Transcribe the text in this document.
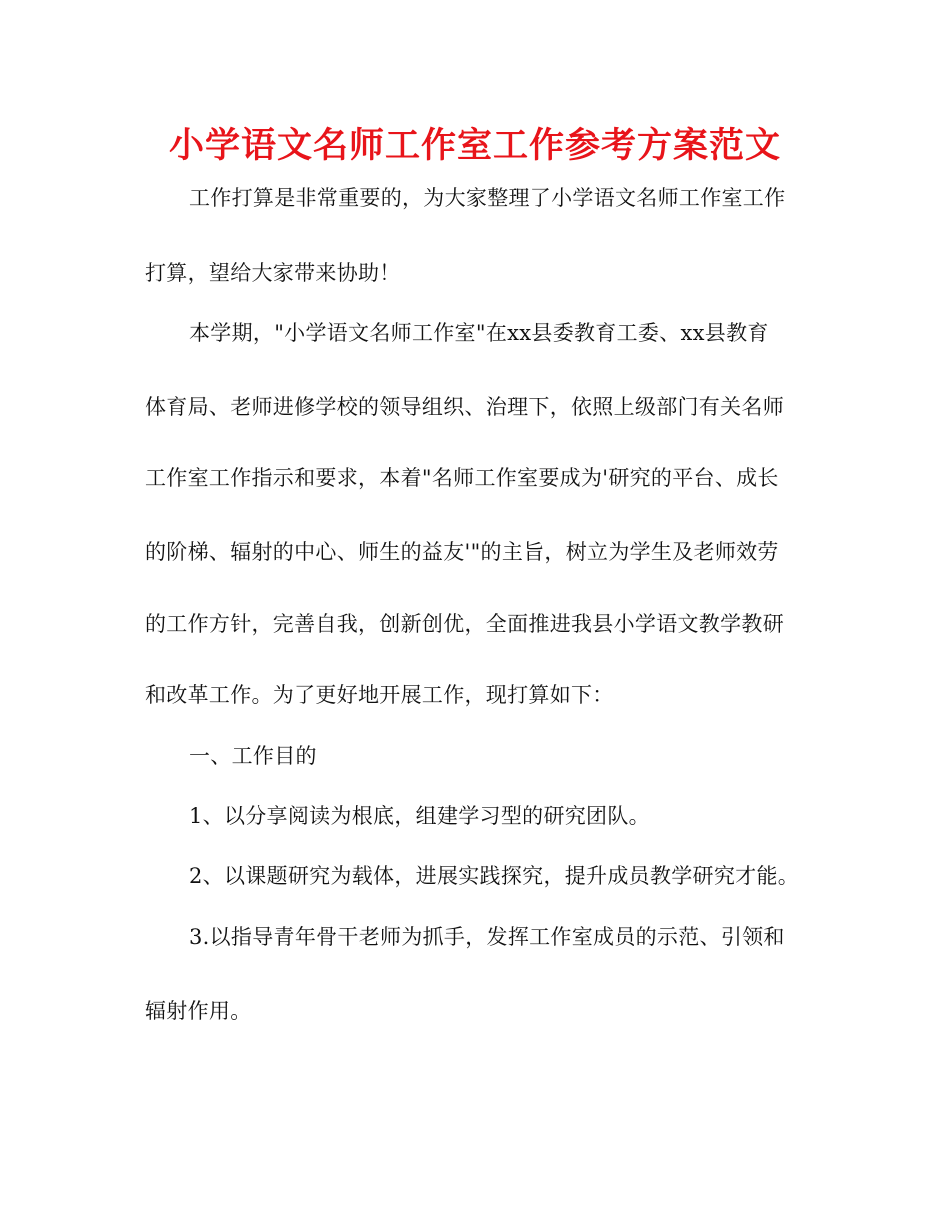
小学语文名师工作室工作参考方案范文
工作打算是非常重要的，为大家整理了小学语文名师工作室工作
打算，望给大家带来协助！
本学期，"小学语文名师工作室"在xx县委教育工委、xx县教育
体育局、老师进修学校的领导组织、治理下，依照上级部门有关名师
工作室工作指示和要求，本着"名师工作室要成为'研究的平台、成长
的阶梯、辐射的中心、师生的益友'"的主旨，树立为学生及老师效劳
的工作方针，完善自我，创新创优，全面推进我县小学语文教学教研
和改革工作。为了更好地开展工作，现打算如下：
一、工作目的
1、以分享阅读为根底，组建学习型的研究团队。
2、以课题研究为载体，进展实践探究，提升成员教学研究才能。
3.以指导青年骨干老师为抓手，发挥工作室成员的示范、引领和
辐射作用。
